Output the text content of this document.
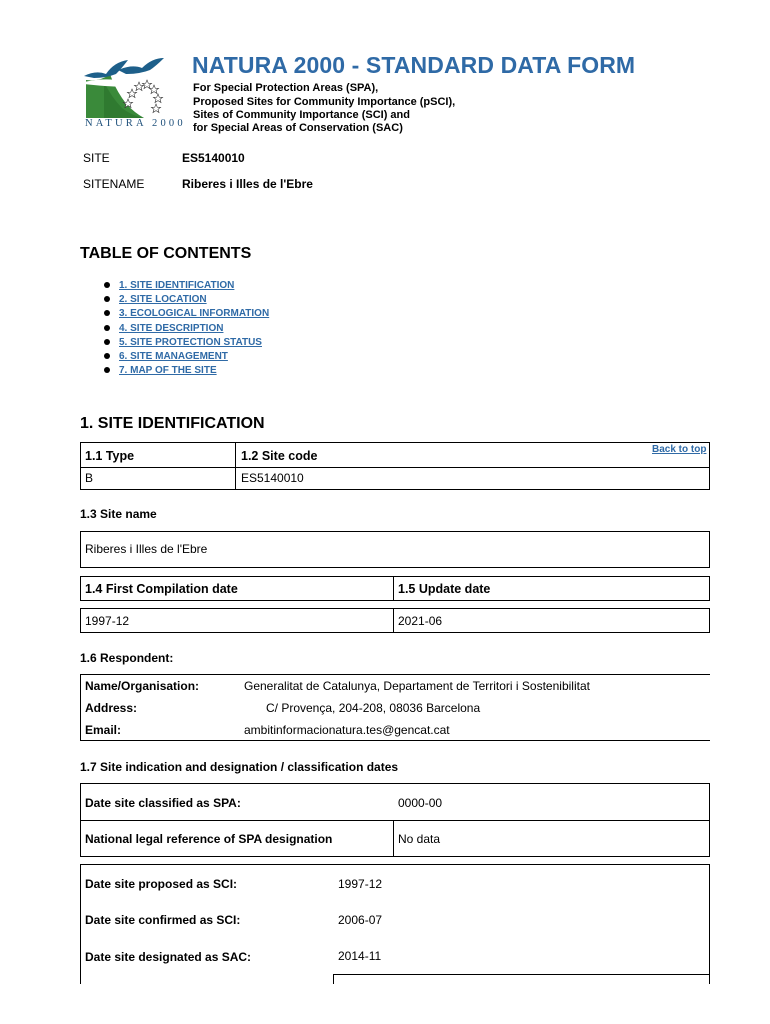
NATURA 2000
NATURA 2000 - STANDARD DATA FORM
For Special Protection Areas (SPA),
Proposed Sites for Community Importance (pSCI),
Sites of Community Importance (SCI) and
for Special Areas of Conservation (SAC)
SITE	ES5140010
SITENAME	Riberes i Illes de l'Ebre
TABLE OF CONTENTS
1. SITE IDENTIFICATION
2. SITE LOCATION
3. ECOLOGICAL INFORMATION
4. SITE DESCRIPTION
5. SITE PROTECTION STATUS
6. SITE MANAGEMENT
7. MAP OF THE SITE
1. SITE IDENTIFICATION
Back to top
1.1 Type	1.2 Site code
B	ES5140010
1.3 Site name
Riberes i Illes de l'Ebre
1.4 First Compilation date	1.5 Update date
1997-12	2021-06
1.6 Respondent:
Name/Organisation:	Generalitat de Catalunya, Departament de Territori i Sostenibilitat
Address:	C/ Provença, 204-208, 08036 Barcelona
Email:	ambitinformacionatura.tes@gencat.cat
1.7 Site indication and designation / classification dates
Date site classified as SPA:	0000-00
National legal reference of SPA designation	No data
Date site proposed as SCI:	1997-12
Date site confirmed as SCI:	2006-07
Date site designated as SAC:	2014-11
